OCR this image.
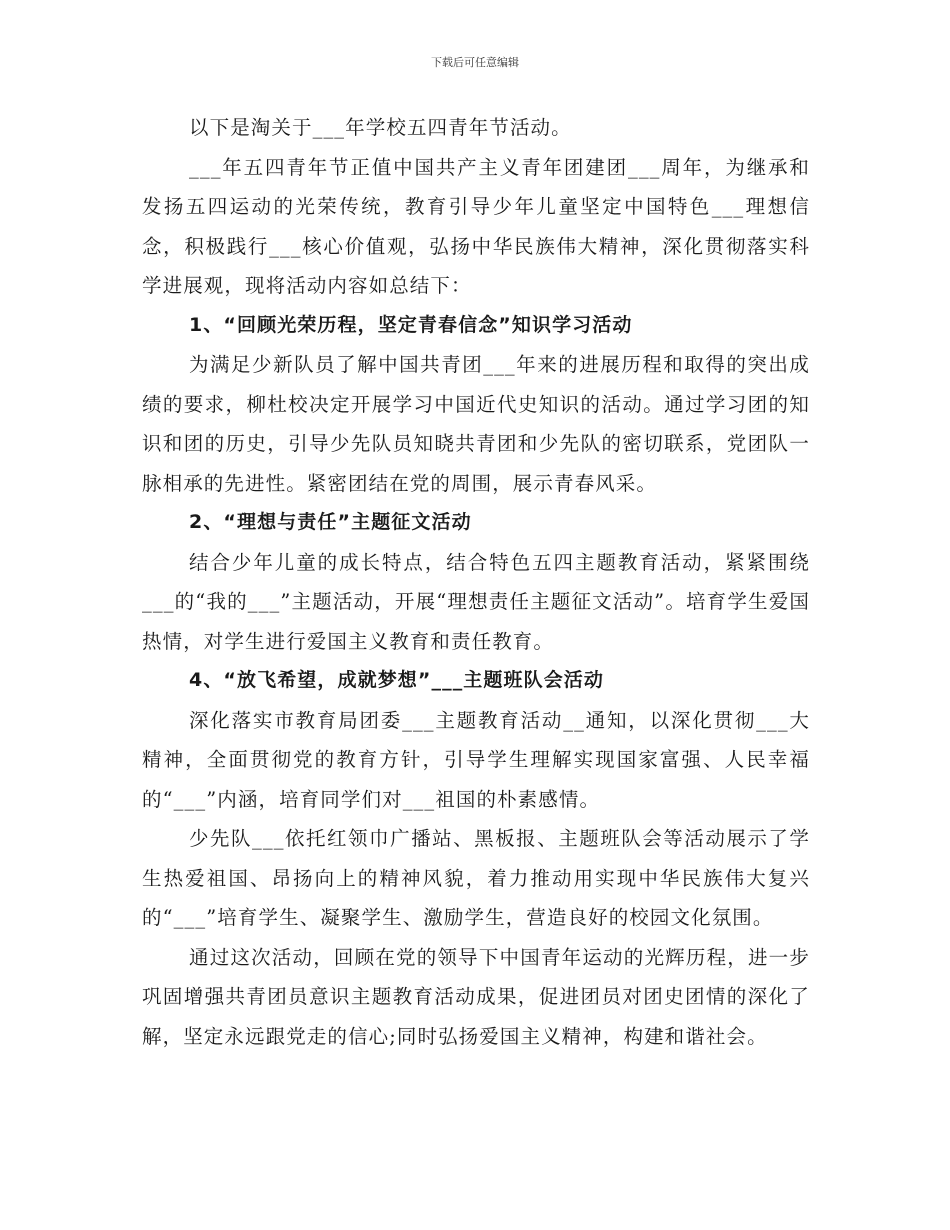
下载后可任意编辑

以下是淘关于___年学校五四青年节活动。

___年五四青年节正值中国共产主义青年团建团___周年，为继承和发扬五四运动的光荣传统，教育引导少年儿童坚定中国特色___理想信念，积极践行___核心价值观，弘扬中华民族伟大精神，深化贯彻落实科学进展观，现将活动内容如总结下：

1、“回顾光荣历程，坚定青春信念”知识学习活动

为满足少新队员了解中国共青团___年来的进展历程和取得的突出成绩的要求，柳杜校决定开展学习中国近代史知识的活动。通过学习团的知识和团的历史，引导少先队员知晓共青团和少先队的密切联系，党团队一脉相承的先进性。紧密团结在党的周围，展示青春风采。

2、“理想与责任”主题征文活动

结合少年儿童的成长特点，结合特色五四主题教育活动，紧紧围绕___的“我的___”主题活动，开展“理想责任主题征文活动”。培育学生爱国热情，对学生进行爱国主义教育和责任教育。

4、“放飞希望，成就梦想”___主题班队会活动

深化落实市教育局团委___主题教育活动__通知，以深化贯彻___大精神，全面贯彻党的教育方针，引导学生理解实现国家富强、人民幸福的“___”内涵，培育同学们对___祖国的朴素感情。

少先队___依托红领巾广播站、黑板报、主题班队会等活动展示了学生热爱祖国、昂扬向上的精神风貌，着力推动用实现中华民族伟大复兴的“___”培育学生、凝聚学生、激励学生，营造良好的校园文化氛围。

通过这次活动，回顾在党的领导下中国青年运动的光辉历程，进一步巩固增强共青团员意识主题教育活动成果，促进团员对团史团情的深化了解，坚定永远跟党走的信心;同时弘扬爱国主义精神，构建和谐社会。
